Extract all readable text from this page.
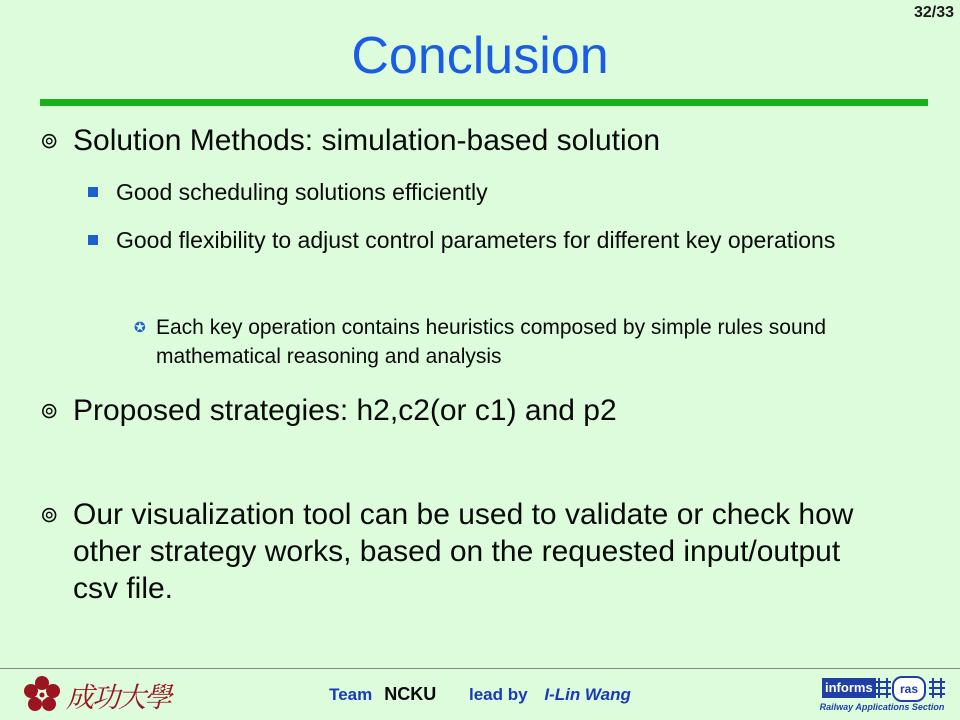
32/33
Conclusion
⊚ Solution Methods: simulation-based solution
Good scheduling solutions efficiently
Good flexibility to adjust control parameters for different key operations
✪ Each key operation contains heuristics composed by simple rules sound mathematical reasoning and analysis
⊚ Proposed strategies: h2,c2(or c1) and p2
⊚ Our visualization tool can be used to validate or check how other strategy works, based on the requested input/output csv file.
成功大學	Team NCKU lead by I-Lin Wang	informs	ras
Railway Applications Section
